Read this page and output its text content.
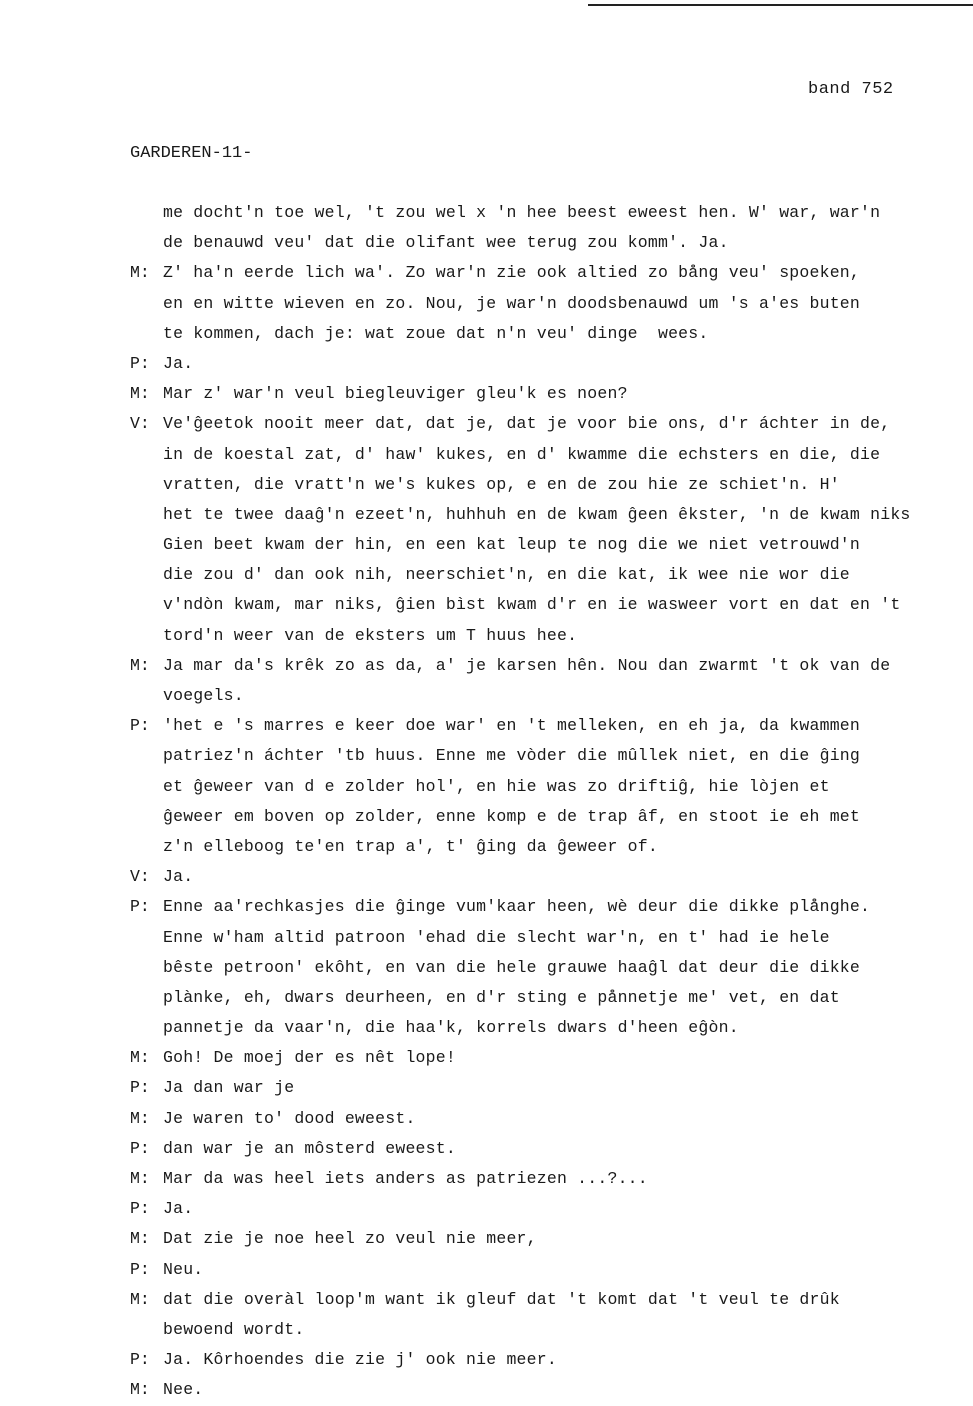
band 752
GARDEREN-11-
me docht'n toe wel, 't zou wel x 'n hee beest eweest hen. W' war, war'n
de benauwd veu' dat die olifant wee terug zou komm'. Ja.
M: Z' ha'n eerde lich wa'. Zo war'n zie ook altied zo bång veu' spoeken,
en en witte wieven en zo. Nou, je war'n doodsbenauwd um 's a'es buten
te kommen, dach je: wat zoue dat n'n veu' dinge  wees.
P: Ja.
M: Mar z' war'n veul biegleuviger gleu'k es noen?
V: Ve'ĝeetok nooit meer dat, dat je, dat je voor bie ons, d'r áchter in de,
in de koestal zat, d' haw' kukes, en d' kwamme die echsters en die, die
vratten, die vratt'n we's kukes op, e en de zou hie ze schiet'n. H'
het te twee daaĝ'n ezeet'n, huhhuh en de kwam ĝeen êkster, 'n de kwam niks
Gien beet kwam der hin, en een kat leup te nog die we niet vetrouwd'n
die zou d' dan ook nih, neerschiet'n, en die kat, ik wee nie wor die
v'ndòn kwam, mar niks, ĝien bìst kwam d'r en ie wasweer vort en dat en 't
tord'n weer van de eksters um T huus hee.
M: Ja mar da's krêk zo as da, a' je karsen hên. Nou dan zwarmt 't ok van de
voegels.
P: 'het e 's marres e keer doe war' en 't melleken, en eh ja, da kwammen
patriez'n áchter 'tb huus. Enne me vòder die mûllek niet, en die ĝing
et ĝeweer van d e zolder hol', en hie was zo driftiĝ, hie lòjen et
ĝeweer em boven op zolder, enne komp e de trap âf, en stoot ie eh met
z'n elleboog te'en trap a', t' ĝing da ĝeweer of.
V: Ja.
P: Enne aa'rechkasjes die ĝinge vum'kaar heen, wè deur die dikke plånghe.
Enne w'ham altid patroon 'ehad die slecht war'n, en t' had ie hele
bêste petroon' ekôht, en van die hele grauwe haaĝl dat deur die dikke
plànke, eh, dwars deurheen, en d'r sting e pånnetje me' vet, en dat
pannetje da vaar'n, die haa'k, korrels dwars d'heen eĝòn.
M: Goh! De moej der es nêt lope!
P: Ja dan war je
M: Je waren to' dood eweest.
P: dan war je an môsterd eweest.
M: Mar da was heel iets anders as patriezen ...?...
P: Ja.
M: Dat zie je noe heel zo veul nie meer,
P: Neu.
M: dat die overàl loop'm want ik gleuf dat 't komt dat 't veul te drûk
bewoend wordt.
P: Ja. Kôrhoendes die zie j' ook nie meer.
M: Nee.
